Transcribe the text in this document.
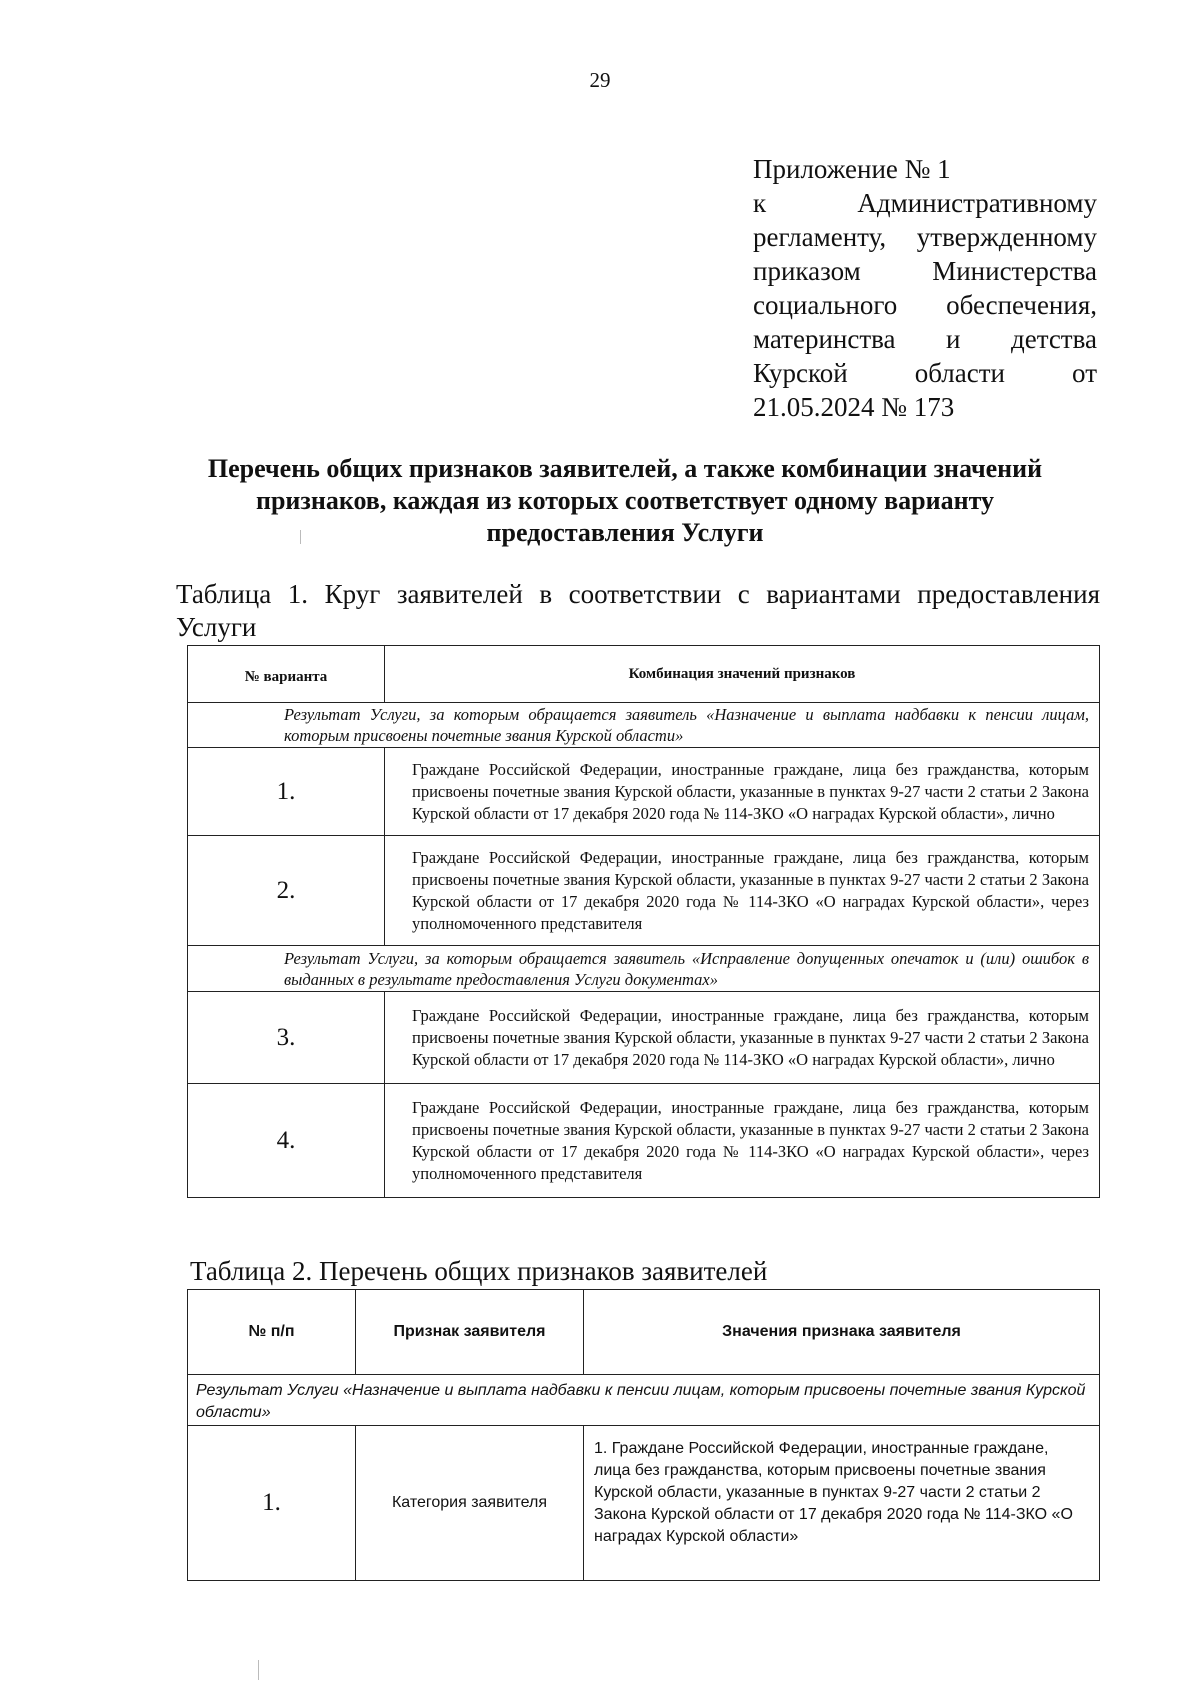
29
Приложение № 1
к Административному
регламенту, утвержденному
приказом Министерства
социального обеспечения,
материнства и детства
Курской области от
21.05.2024 № 173
Перечень общих признаков заявителей, а также комбинации значений
признаков, каждая из которых соответствует одному варианту
предоставления Услуги
Таблица 1. Круг заявителей в соответствии с вариантами предоставления Услуги
№ варианта	Комбинация значений признаков
Результат Услуги, за которым обращается заявитель «Назначение и выплата надбавки к пенсии лицам, которым присвоены почетные звания Курской области»	
1.	Граждане Российской Федерации, иностранные граждане, лица без гражданства, которым присвоены почетные звания Курской области, указанные в пунктах 9-27 части 2 статьи 2 Закона Курской области от 17 декабря 2020 года № 114-ЗКО «О наградах Курской области», лично
2.	Граждане Российской Федерации, иностранные граждане, лица без гражданства, которым присвоены почетные звания Курской области, указанные в пунктах 9-27 части 2 статьи 2 Закона Курской области от 17 декабря 2020 года № 114-ЗКО «О наградах Курской области», через уполномоченного представителя
Результат Услуги, за которым обращается заявитель «Исправление допущенных опечаток и (или) ошибок в выданных в результате предоставления Услуги документах»	
3.	Граждане Российской Федерации, иностранные граждане, лица без гражданства, которым присвоены почетные звания Курской области, указанные в пунктах 9-27 части 2 статьи 2 Закона Курской области от 17 декабря 2020 года № 114-ЗКО «О наградах Курской области», лично
4.	Граждане Российской Федерации, иностранные граждане, лица без гражданства, которым присвоены почетные звания Курской области, указанные в пунктах 9-27 части 2 статьи 2 Закона Курской области от 17 декабря 2020 года № 114-ЗКО «О наградах Курской области», через уполномоченного представителя
Таблица 2. Перечень общих признаков заявителей
№ п/п	Признак заявителя	Значения признака заявителя
Результат Услуги «Назначение и выплата надбавки к пенсии лицам, которым присвоены почетные звания Курской области»		
1.	Категория заявителя	1. Граждане Российской Федерации, иностранные граждане, лица без гражданства, которым присвоены почетные звания Курской области, указанные в пунктах 9-27 части 2 статьи 2 Закона Курской области от 17 декабря 2020 года № 114-ЗКО «О наградах Курской области»
